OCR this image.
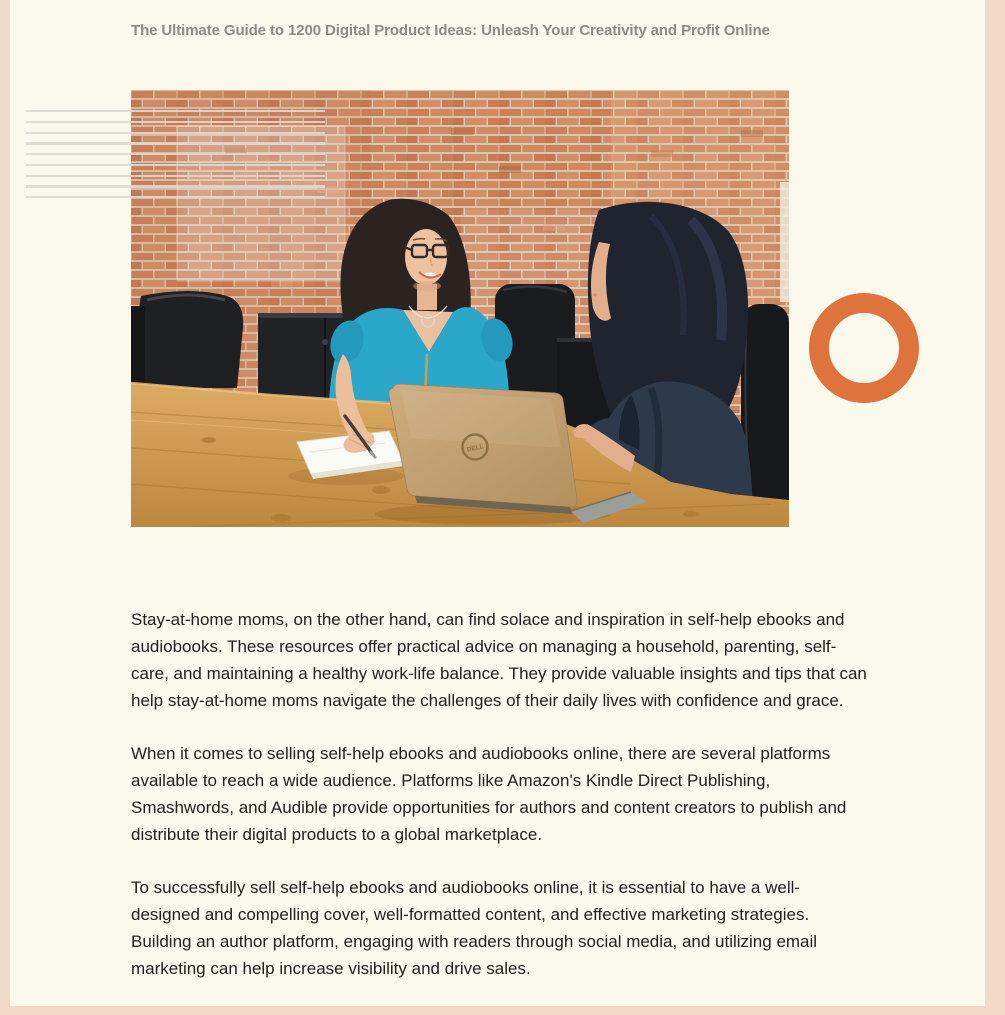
The Ultimate Guide to 1200 Digital Product Ideas: Unleash Your Creativity and Profit Online
DELL

Stay-at-home moms, on the other hand, can find solace and inspiration in self-help ebooks and audiobooks. These resources offer practical advice on managing a household, parenting, self-care, and maintaining a healthy work-life balance. They provide valuable insights and tips that can help stay-at-home moms navigate the challenges of their daily lives with confidence and grace.

When it comes to selling self-help ebooks and audiobooks online, there are several platforms available to reach a wide audience. Platforms like Amazon's Kindle Direct Publishing, Smashwords, and Audible provide opportunities for authors and content creators to publish and distribute their digital products to a global marketplace.

To successfully sell self-help ebooks and audiobooks online, it is essential to have a well-designed and compelling cover, well-formatted content, and effective marketing strategies. Building an author platform, engaging with readers through social media, and utilizing email marketing can help increase visibility and drive sales.
